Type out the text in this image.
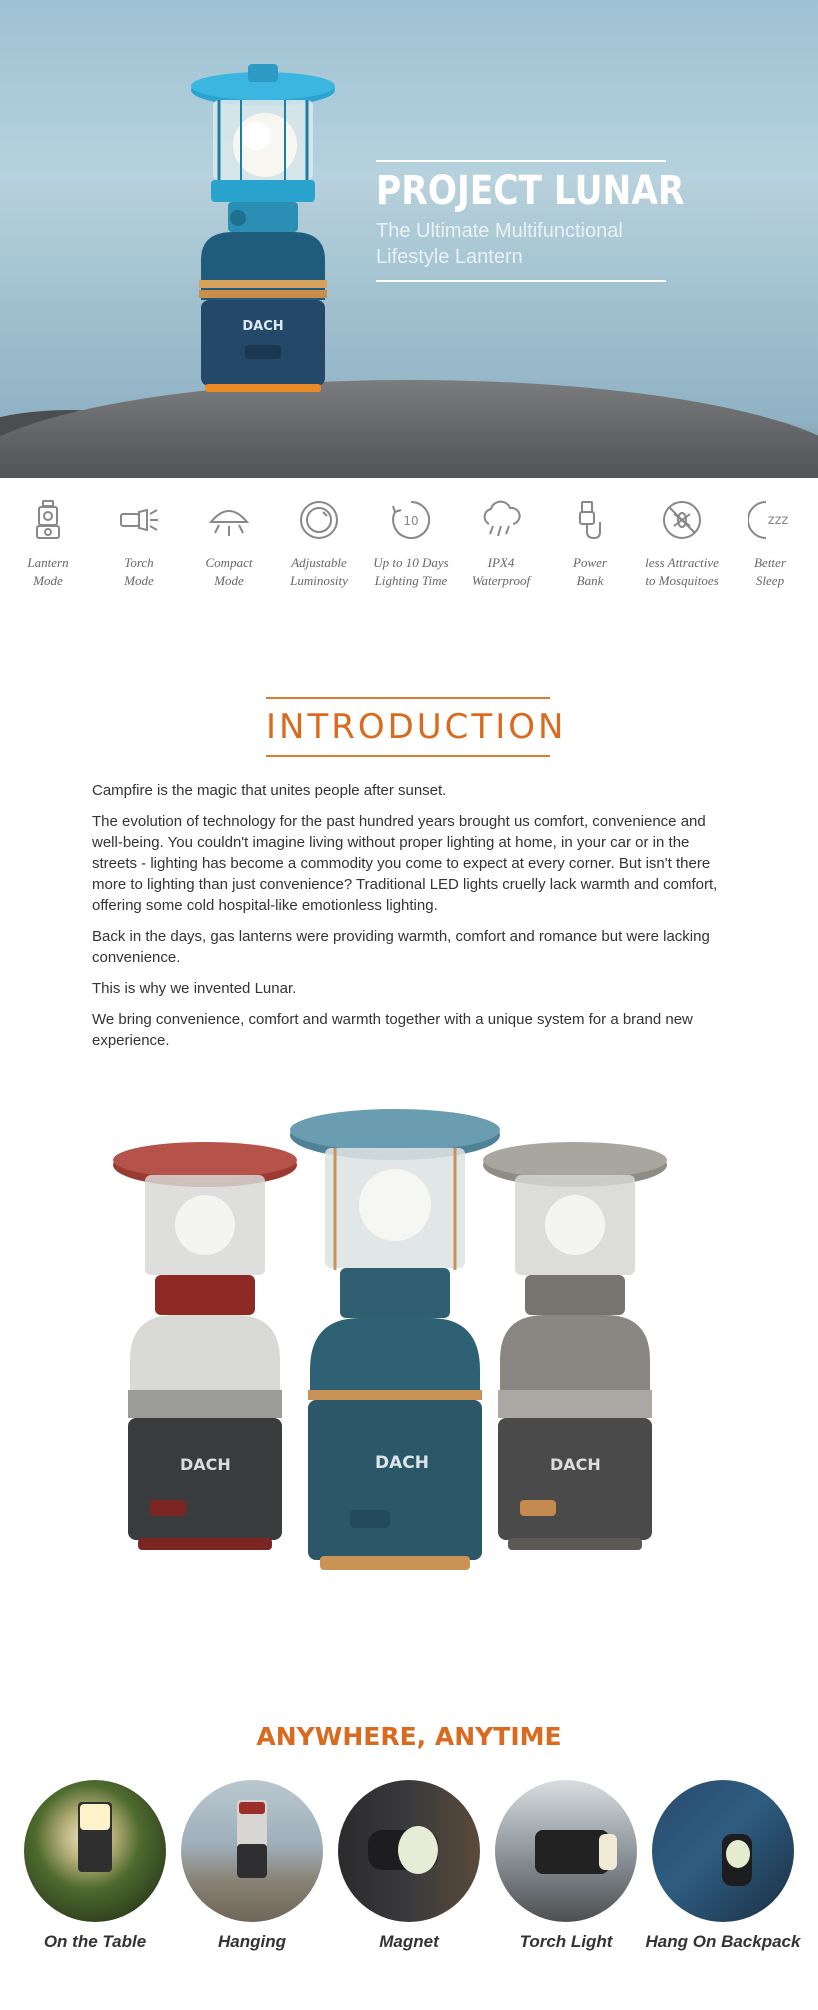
DACH
PROJECT LUNAR

The Ultimate Multifunctional
Lifestyle Lantern

Lantern
Mode
Torch
Mode
Compact
Mode
Adjustable
Luminosity
10
Up to 10 Days
Lighting Time
IPX4
Waterproof
Power
Bank
less Attractive
to Mosquitoes
zzz
Better
Sleep
INTRODUCTION

Campfire is the magic that unites people after sunset.

The evolution of technology for the past hundred years brought us comfort, convenience and well-being. You couldn't imagine living without proper lighting at home, in your car or in the streets - lighting has become a commodity you come to expect at every corner. But isn't there more to lighting than just convenience? Traditional LED lights cruelly lack warmth and comfort, offering some cold hospital-like emotionless lighting.

Back in the days, gas lanterns were providing warmth, comfort and romance but were lacking convenience.

This is why we invented Lunar.

We bring convenience, comfort and warmth together with a unique system for a brand new experience.

DACH	DACH
DACH
ANYWHERE, ANYTIME
On the Table	Hanging	Magnet	Torch Light	Hang On Backpack
